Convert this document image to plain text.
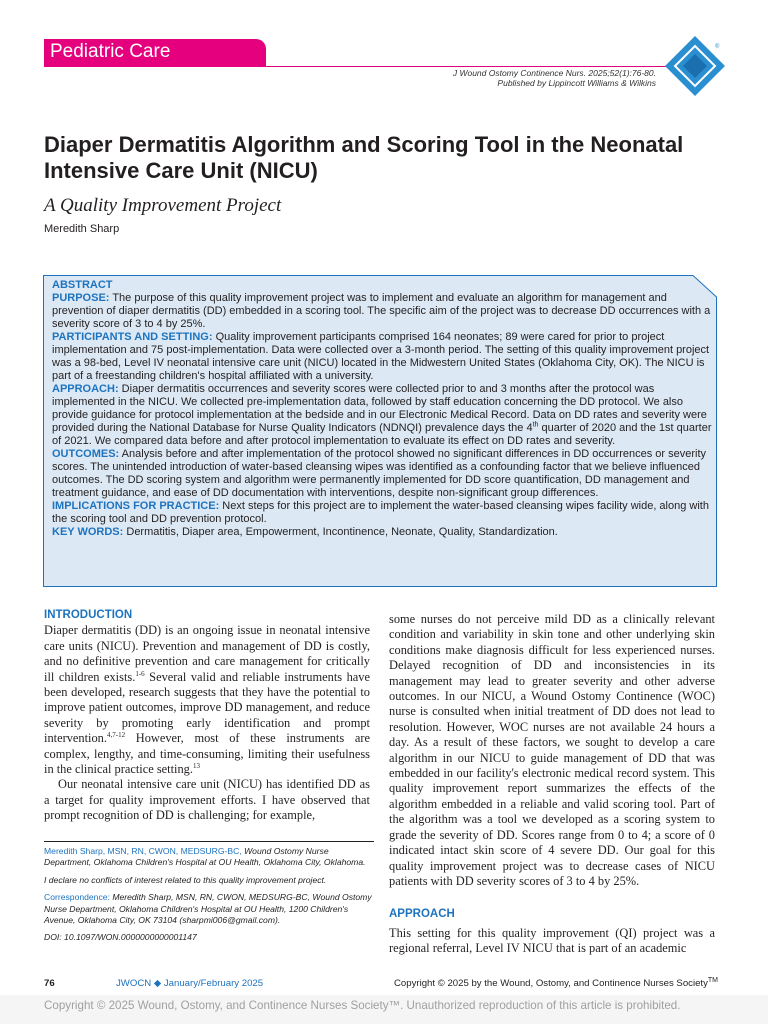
Pediatric Care	®
J Wound Ostomy Continence Nurs. 2025;52(1):76-80.
Published by Lippincott Williams & Wilkins
Diaper Dermatitis Algorithm and Scoring Tool in the Neonatal Intensive Care Unit (NICU)
A Quality Improvement Project
Meredith Sharp

ABSTRACT

PURPOSE: The purpose of this quality improvement project was to implement and evaluate an algorithm for management and prevention of diaper dermatitis (DD) embedded in a scoring tool. The specific aim of the project was to decrease DD occurrences with a severity score of 3 to 4 by 25%.

PARTICIPANTS AND SETTING: Quality improvement participants comprised 164 neonates; 89 were cared for prior to project implementation and 75 post-implementation. Data were collected over a 3-month period. The setting of this quality improvement project was a 98-bed, Level IV neonatal intensive care unit (NICU) located in the Midwestern United States (Oklahoma City, OK). The NICU is part of a freestanding children's hospital affiliated with a university.

APPROACH: Diaper dermatitis occurrences and severity scores were collected prior to and 3 months after the protocol was implemented in the NICU. We collected pre-implementation data, followed by staff education concerning the DD protocol. We also provide guidance for protocol implementation at the bedside and in our Electronic Medical Record. Data on DD rates and severity were provided during the National Database for Nurse Quality Indicators (NDNQI) prevalence days the 4th quarter of 2020 and the 1st quarter of 2021. We compared data before and after protocol implementation to evaluate its effect on DD rates and severity.

OUTCOMES: Analysis before and after implementation of the protocol showed no significant differences in DD occurrences or severity scores. The unintended introduction of water-based cleansing wipes was identified as a confounding factor that we believe influenced outcomes. The DD scoring system and algorithm were permanently implemented for DD score quantification, DD management and treatment guidance, and ease of DD documentation with interventions, despite non-significant group differences.

IMPLICATIONS FOR PRACTICE: Next steps for this project are to implement the water-based cleansing wipes facility wide, along with the scoring tool and DD prevention protocol.

KEY WORDS: Dermatitis, Diaper area, Empowerment, Incontinence, Neonate, Quality, Standardization.

INTRODUCTION

Diaper dermatitis (DD) is an ongoing issue in neonatal intensive care units (NICU). Prevention and management of DD is costly, and no definitive prevention and care management for critically ill children exists.$^{1-6}$ Several valid and reliable instruments have been developed, research suggests that they have the potential to improve patient outcomes, improve DD management, and reduce severity by promoting early identification and prompt intervention.$^{4,7-12}$ However, most of these instruments are complex, lengthy, and time-consuming, limiting their usefulness in the clinical practice setting.$^{13}$

Our neonatal intensive care unit (NICU) has identified DD as a target for quality improvement efforts. I have observed that prompt recognition of DD is challenging; for example,

Meredith Sharp, MSN, RN, CWON, MEDSURG-BC, Wound Ostomy Nurse Department, Oklahoma Children's Hospital at OU Health, Oklahoma City, Oklahoma.

I declare no conflicts of interest related to this quality improvement project.

Correspondence: Meredith Sharp, MSN, RN, CWON, MEDSURG-BC, Wound Ostomy Nurse Department, Oklahoma Children's Hospital at OU Health, 1200 Children's Avenue, Oklahoma City, OK 73104 (sharpmi006@gmail.com).

DOI: 10.1097/WON.0000000000001147

some nurses do not perceive mild DD as a clinically relevant condition and variability in skin tone and other underlying skin conditions make diagnosis difficult for less experienced nurses. Delayed recognition of DD and inconsistencies in its management may lead to greater severity and other adverse outcomes. In our NICU, a Wound Ostomy Continence (WOC) nurse is consulted when initial treatment of DD does not lead to resolution. However, WOC nurses are not available 24 hours a day. As a result of these factors, we sought to develop a care algorithm in our NICU to guide management of DD that was embedded in our facility's electronic medical record system. This quality improvement report summarizes the effects of the algorithm embedded in a reliable and valid scoring tool. Part of the algorithm was a tool we developed as a scoring system to grade the severity of DD. Scores range from 0 to 4; a score of 0 indicated intact skin score of 4 severe DD. Our goal for this quality improvement project was to decrease cases of NICU patients with DD severity scores of 3 to 4 by 25%.

APPROACH

This setting for this quality improvement (QI) project was a regional referral, Level IV NICU that is part of an academic

76	JWOCN ◆ January/February 2025	Copyright © 2025 by the Wound, Ostomy, and Continence Nurses Society™
Copyright © 2025 Wound, Ostomy, and Continence Nurses Society™. Unauthorized reproduction of this article is prohibited.
